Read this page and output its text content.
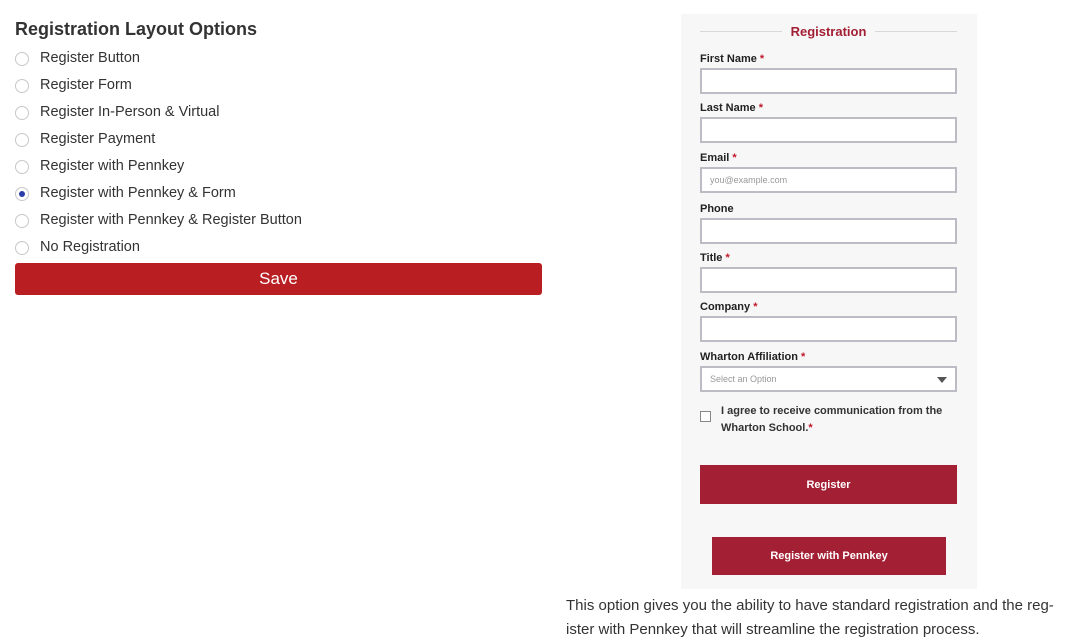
Registration Layout Options
Register Button
Register Form
Register In-Person & Virtual
Register Payment
Register with Pennkey
Register with Pennkey & Form
Register with Pennkey & Register Button
No Registration
Save
Registration
First Name *
Last Name *
Email *
you@example.com
Phone
Title *
Company *
Wharton Affiliation *
Select an Option
I agree to receive communication from the Wharton School.*
Register
Register with Pennkey
This option gives you the ability to have standard registration and the reg-
ister with Pennkey that will streamline the registration process.
